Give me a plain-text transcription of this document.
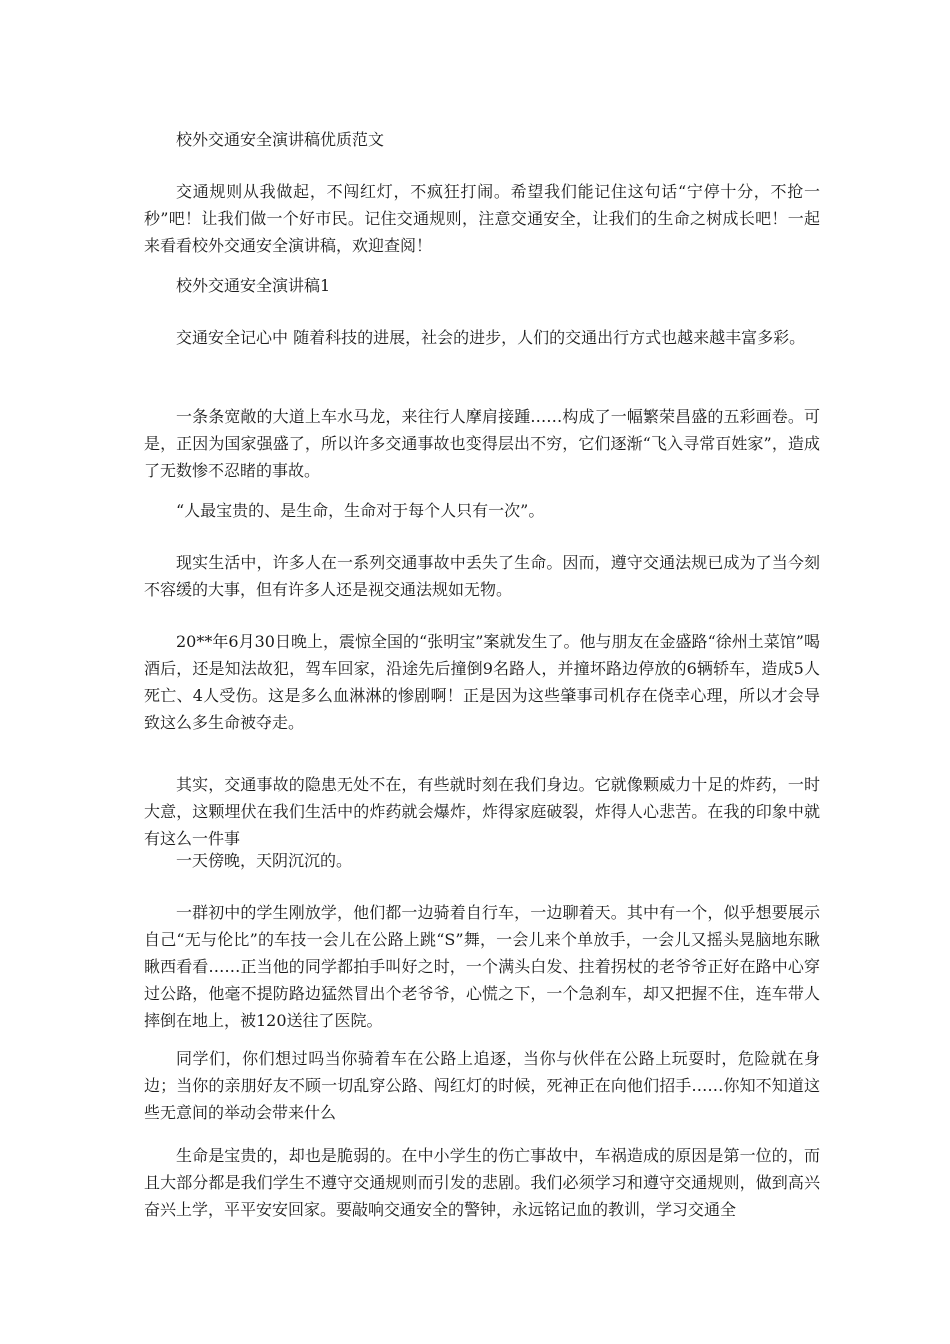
校外交通安全演讲稿优质范文

交通规则从我做起，不闯红灯，不疯狂打闹。希望我们能记住这句话“宁停十分，不抢一秒”吧！让我们做一个好市民。记住交通规则，注意交通安全，让我们的生命之树成长吧！一起来看看校外交通安全演讲稿，欢迎查阅！

校外交通安全演讲稿1

交通安全记心中 随着科技的进展，社会的进步，人们的交通出行方式也越来越丰富多彩。

一条条宽敞的大道上车水马龙，来往行人摩肩接踵……构成了一幅繁荣昌盛的五彩画卷。可是，正因为国家强盛了，所以许多交通事故也变得层出不穷，它们逐渐“飞入寻常百姓家”，造成了无数惨不忍睹的事故。

“人最宝贵的、是生命，生命对于每个人只有一次”。

现实生活中，许多人在一系列交通事故中丢失了生命。因而，遵守交通法规已成为了当今刻不容缓的大事，但有许多人还是视交通法规如无物。

20**年6月30日晚上，震惊全国的“张明宝”案就发生了。他与朋友在金盛路“徐州土菜馆”喝酒后，还是知法故犯，驾车回家，沿途先后撞倒9名路人，并撞坏路边停放的6辆轿车，造成5人死亡、4人受伤。这是多么血淋淋的惨剧啊！正是因为这些肇事司机存在侥幸心理，所以才会导致这么多生命被夺走。

其实，交通事故的隐患无处不在，有些就时刻在我们身边。它就像颗威力十足的炸药，一时大意，这颗埋伏在我们生活中的炸药就会爆炸，炸得家庭破裂，炸得人心悲苦。在我的印象中就有这么一件事

一天傍晚，天阴沉沉的。

一群初中的学生刚放学，他们都一边骑着自行车，一边聊着天。其中有一个，似乎想要展示自己“无与伦比”的车技一会儿在公路上跳“S”舞，一会儿来个单放手，一会儿又摇头晃脑地东瞅瞅西看看……正当他的同学都拍手叫好之时，一个满头白发、拄着拐杖的老爷爷正好在路中心穿过公路，他毫不提防路边猛然冒出个老爷爷，心慌之下，一个急刹车，却又把握不住，连车带人摔倒在地上，被120送往了医院。

同学们，你们想过吗当你骑着车在公路上追逐，当你与伙伴在公路上玩耍时，危险就在身边；当你的亲朋好友不顾一切乱穿公路、闯红灯的时候，死神正在向他们招手……你知不知道这些无意间的举动会带来什么

生命是宝贵的，却也是脆弱的。在中小学生的伤亡事故中，车祸造成的原因是第一位的，而且大部分都是我们学生不遵守交通规则而引发的悲剧。我们必须学习和遵守交通规则，做到高兴奋兴上学，平平安安回家。要敲响交通安全的警钟，永远铭记血的教训，学习交通全
